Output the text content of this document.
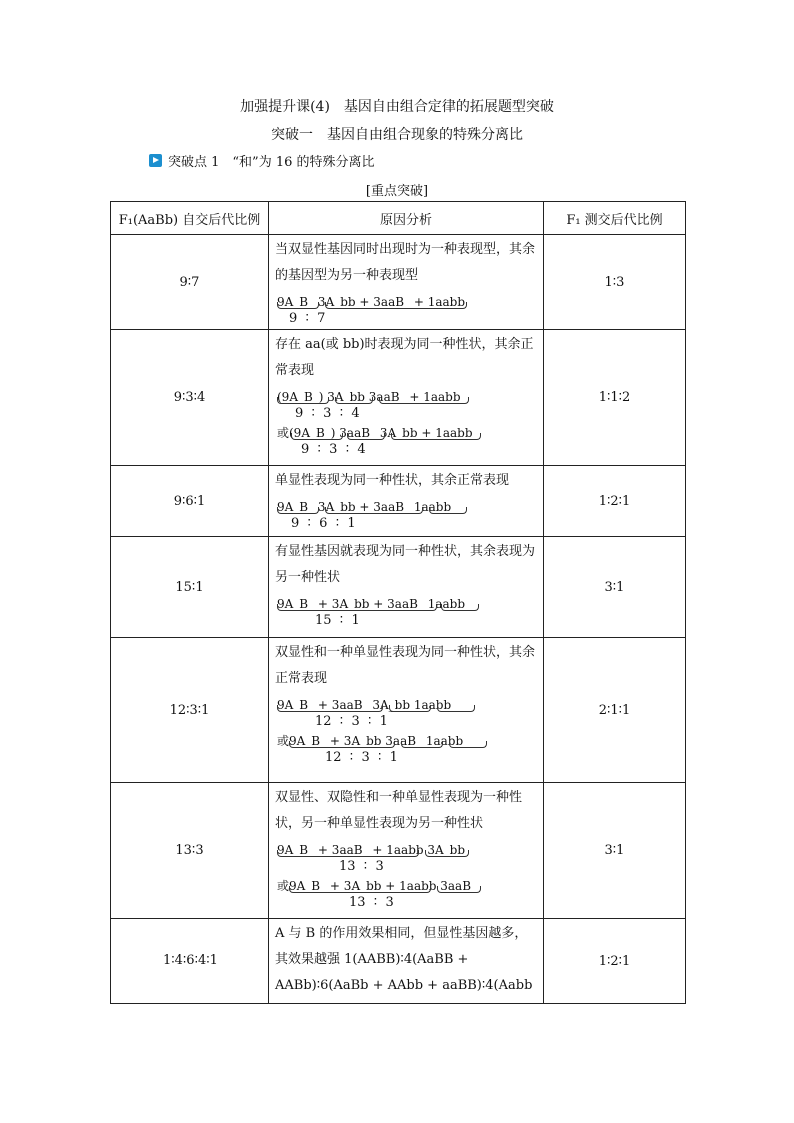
加强提升课(4)　基因自由组合定律的拓展题型突破
突破一　基因自由组合现象的特殊分离比
突破点 1　“和”为 16 的特殊分离比
[重点突破]
F₁(AaBb) 自交后代比例	原因分析	F₁ 测交后代比例
9∶7	当双显性基因同时出现时为一种表现型，其余的基因型为另一种表现型
9A_B_ 3A_bb + 3aaB_ + 1aabb
9  ∶  7	1∶3
9∶3∶4	存在 aa(或 bb)时表现为同一种性状，其余正常表现
(9A_B_) 3A_bb 3aaB_ + 1aabb
9  ∶  3  ∶  4
或(9A_B_) 3aaB_ 3A_bb + 1aabb
9  ∶  3  ∶  4	1∶1∶2
9∶6∶1	单显性表现为同一种性状，其余正常表现
9A_B_ 3A_bb + 3aaB_ 1aabb
9  ∶  6  ∶  1	1∶2∶1
15∶1	有显性基因就表现为同一种性状，其余表现为另一种性状
9A_B_ + 3A_bb + 3aaB_ 1aabb
15  ∶  1	3∶1
12∶3∶1	双显性和一种单显性表现为同一种性状，其余正常表现
9A_B_ + 3aaB_ 3A_bb 1aabb
12  ∶  3  ∶  1
或9A_B_ + 3A_bb 3aaB_ 1aabb
12  ∶  3  ∶  1	2∶1∶1
13∶3	双显性、双隐性和一种单显性表现为一种性状，另一种单显性表现为另一种性状
9A_B_ + 3aaB_ + 1aabb 3A_bb
13  ∶  3
或9A_B_ + 3A_bb + 1aabb 3aaB_
13  ∶  3	3∶1
1∶4∶6∶4∶1	A 与 B 的作用效果相同，但显性基因越多，其效果越强 1(AABB)∶4(AaBB + AABb)∶6(AaBb + AAbb + aaBB)∶4(Aabb	1∶2∶1
